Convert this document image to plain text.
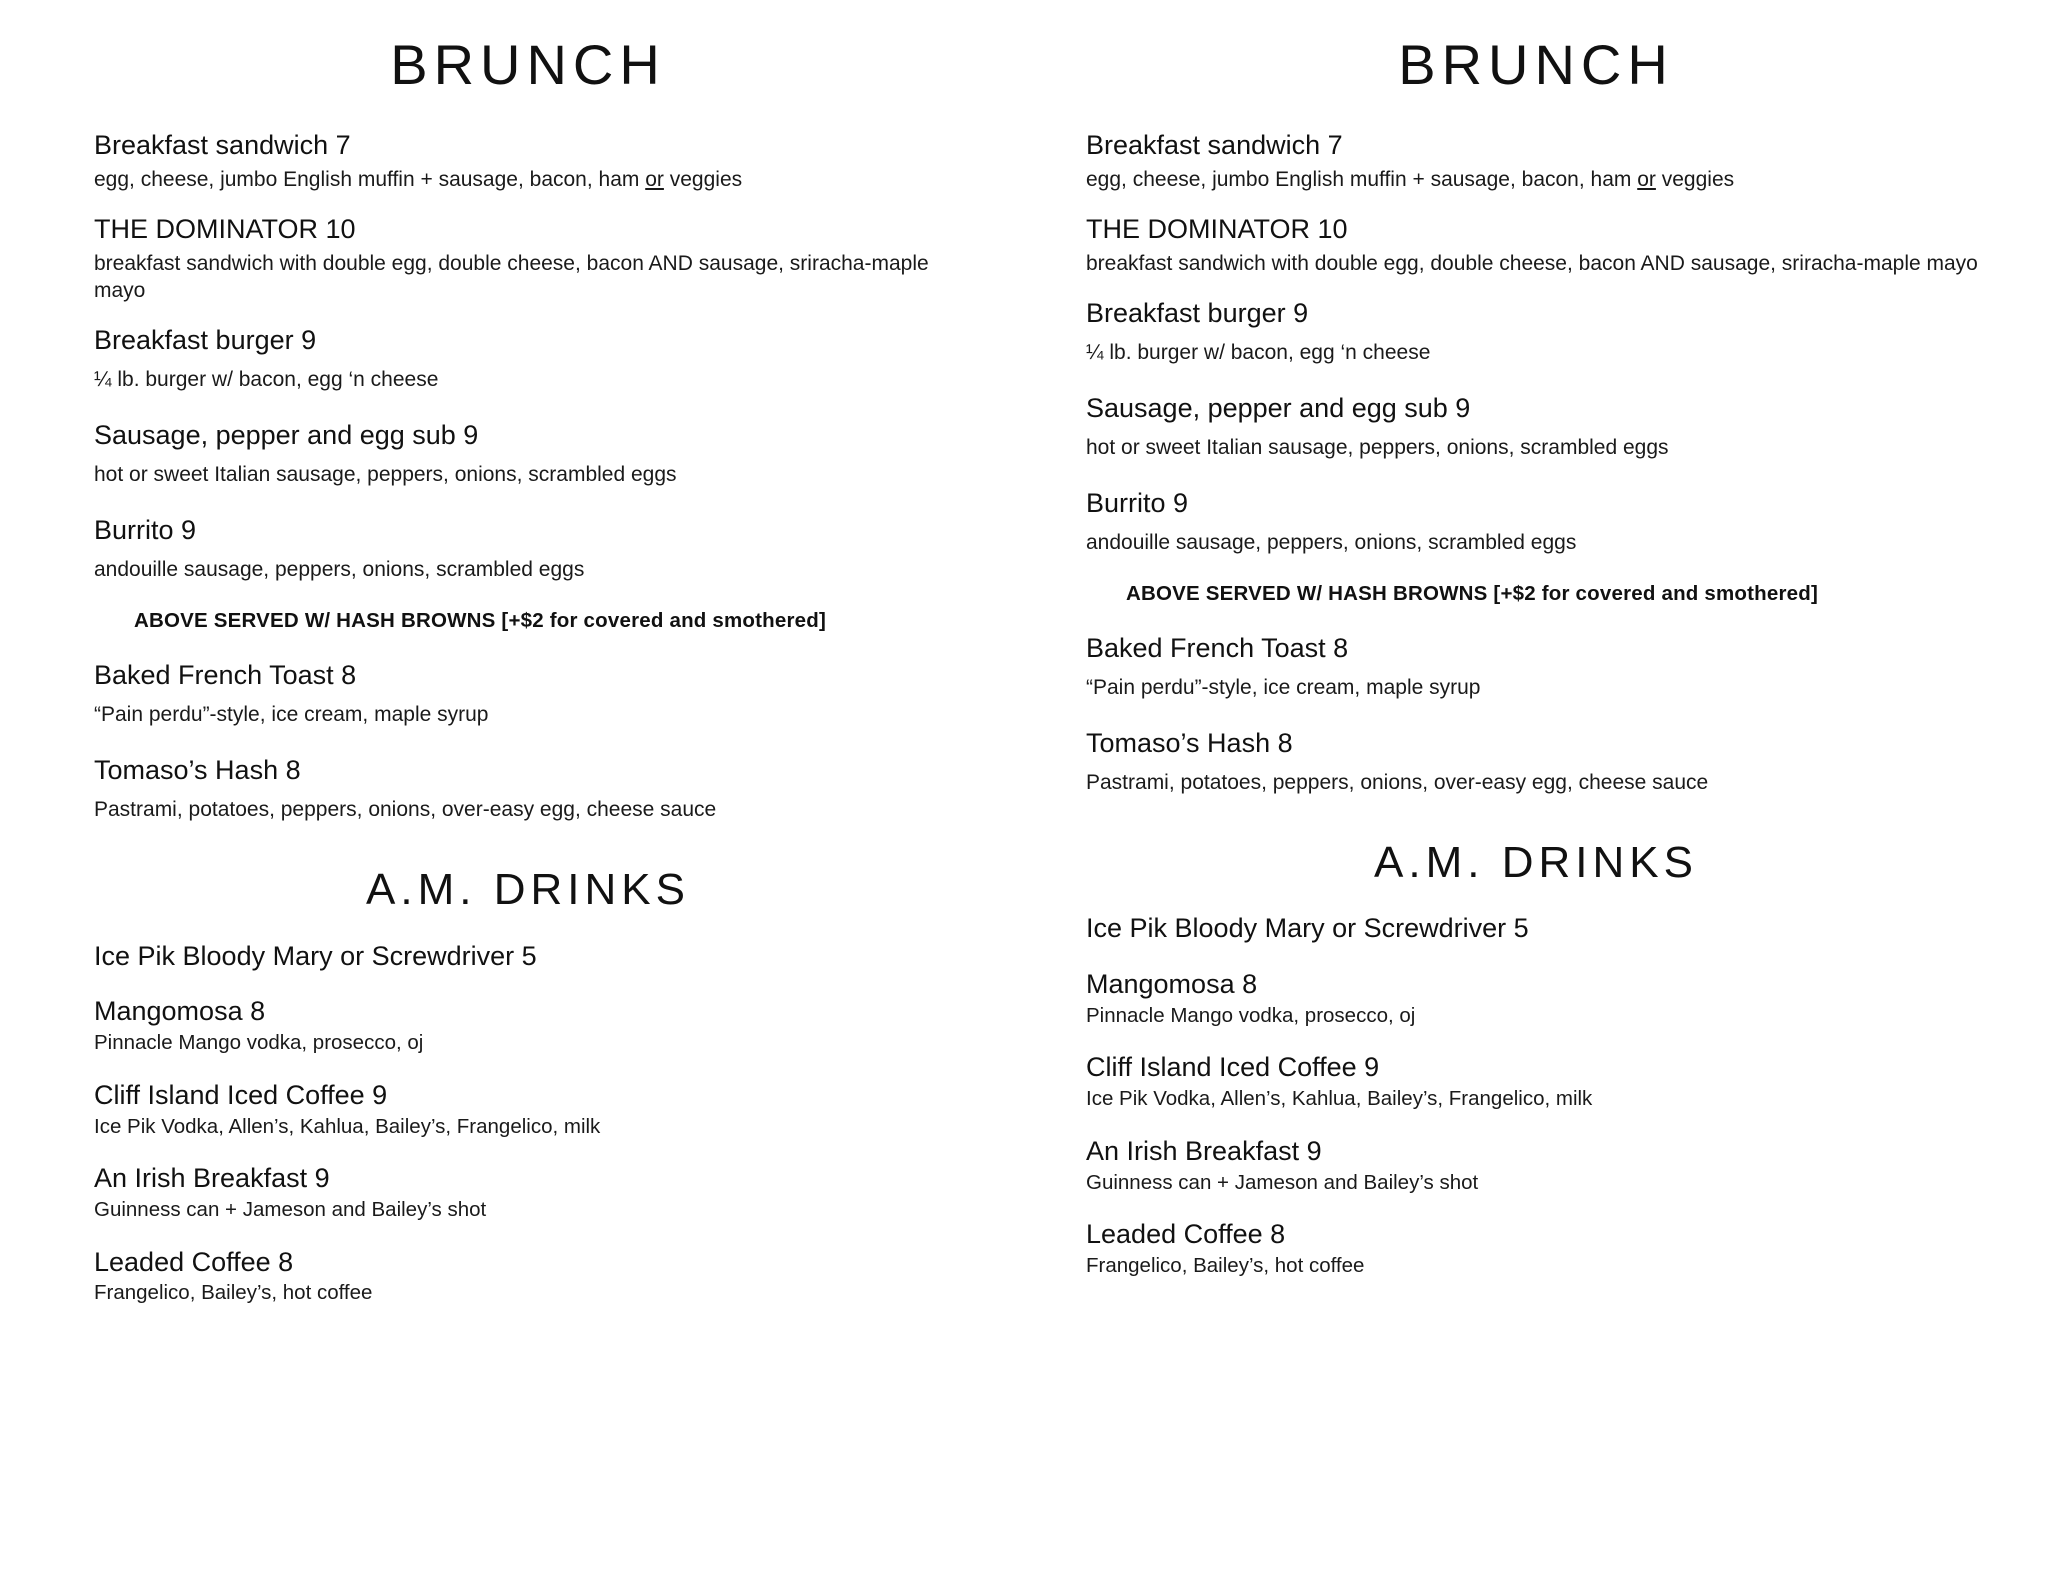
BRUNCH
Breakfast sandwich 7
egg, cheese, jumbo English muffin + sausage, bacon, ham or veggies
THE DOMINATOR 10
breakfast sandwich with double egg, double cheese, bacon AND sausage, sriracha-maple mayo
Breakfast burger 9
¼ lb. burger w/ bacon, egg ‘n cheese
Sausage, pepper and egg sub 9
hot or sweet Italian sausage, peppers, onions, scrambled eggs
Burrito 9
andouille sausage, peppers, onions, scrambled eggs
ABOVE SERVED W/ HASH BROWNS [+$2 for covered and smothered]
Baked French Toast 8
“Pain perdu”-style, ice cream, maple syrup
Tomaso’s Hash 8
Pastrami, potatoes, peppers, onions, over-easy egg, cheese sauce
A.M. DRINKS
Ice Pik Bloody Mary or Screwdriver 5
Mangomosa 8
Pinnacle Mango vodka, prosecco, oj
Cliff Island Iced Coffee 9
Ice Pik Vodka, Allen’s, Kahlua, Bailey’s, Frangelico, milk
An Irish Breakfast 9
Guinness can + Jameson and Bailey’s shot
Leaded Coffee 8
Frangelico, Bailey’s, hot coffee
BRUNCH
Breakfast sandwich 7
egg, cheese, jumbo English muffin + sausage, bacon, ham or veggies
THE DOMINATOR 10
breakfast sandwich with double egg, double cheese, bacon AND sausage, sriracha-maple mayo
Breakfast burger 9
¼ lb. burger w/ bacon, egg ‘n cheese
Sausage, pepper and egg sub 9
hot or sweet Italian sausage, peppers, onions, scrambled eggs
Burrito 9
andouille sausage, peppers, onions, scrambled eggs
ABOVE SERVED W/ HASH BROWNS [+$2 for covered and smothered]
Baked French Toast 8
“Pain perdu”-style, ice cream, maple syrup
Tomaso’s Hash 8
Pastrami, potatoes, peppers, onions, over-easy egg, cheese sauce
A.M. DRINKS
Ice Pik Bloody Mary or Screwdriver 5
Mangomosa 8
Pinnacle Mango vodka, prosecco, oj
Cliff Island Iced Coffee 9
Ice Pik Vodka, Allen’s, Kahlua, Bailey’s, Frangelico, milk
An Irish Breakfast 9
Guinness can + Jameson and Bailey’s shot
Leaded Coffee 8
Frangelico, Bailey’s, hot coffee
